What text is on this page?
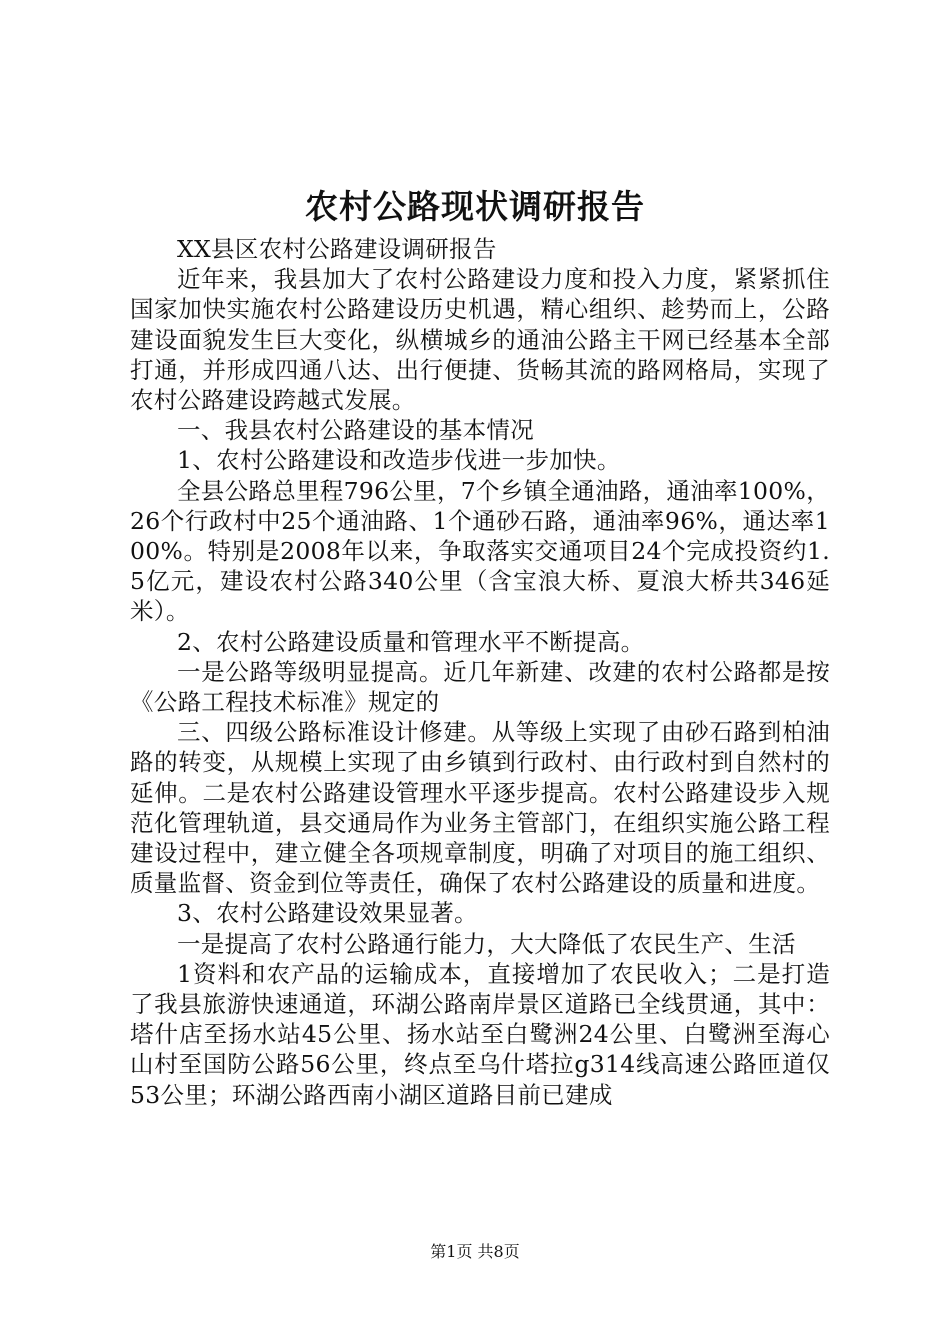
农村公路现状调研报告

XX县区农村公路建设调研报告

近年来，我县加大了农村公路建设力度和投入力度，紧紧抓住国家加快实施农村公路建设历史机遇，精心组织、趁势而上，公路建设面貌发生巨大变化，纵横城乡的通油公路主干网已经基本全部打通，并形成四通八达、出行便捷、货畅其流的路网格局，实现了农村公路建设跨越式发展。

一、我县农村公路建设的基本情况

1、农村公路建设和改造步伐进一步加快。

全县公路总里程796公里，7个乡镇全通油路，通油率100%，26个行政村中25个通油路、1个通砂石路，通油率96%，通达率100%。特别是2008年以来，争取落实交通项目24个完成投资约1.5亿元，建设农村公路340公里（含宝浪大桥、夏浪大桥共346延米）。

2、农村公路建设质量和管理水平不断提高。

一是公路等级明显提高。近几年新建、改建的农村公路都是按《公路工程技术标准》规定的

三、四级公路标准设计修建。从等级上实现了由砂石路到柏油路的转变，从规模上实现了由乡镇到行政村、由行政村到自然村的延伸。二是农村公路建设管理水平逐步提高。农村公路建设步入规范化管理轨道，县交通局作为业务主管部门，在组织实施公路工程建设过程中，建立健全各项规章制度，明确了对项目的施工组织、质量监督、资金到位等责任，确保了农村公路建设的质量和进度。

3、农村公路建设效果显著。

一是提高了农村公路通行能力，大大降低了农民生产、生活

1资料和农产品的运输成本，直接增加了农民收入；二是打造了我县旅游快速通道，环湖公路南岸景区道路已全线贯通，其中：塔什店至扬水站45公里、扬水站至白鹭洲24公里、白鹭洲至海心山村至国防公路56公里，终点至乌什塔拉g314线高速公路匝道仅53公里；环湖公路西南小湖区道路目前已建成

第1页 共8页
